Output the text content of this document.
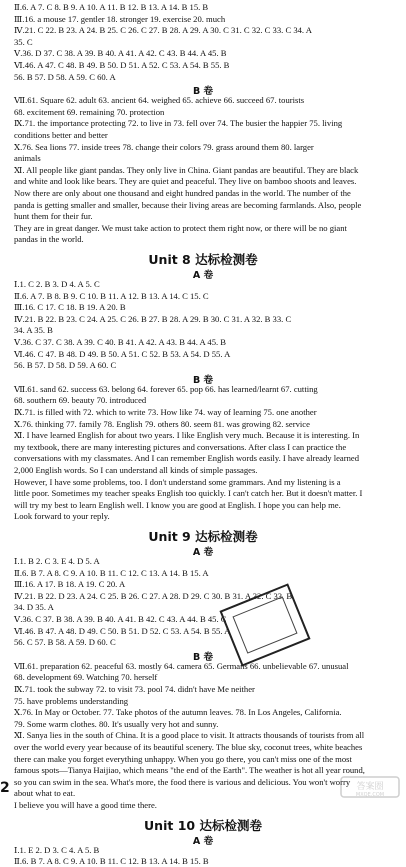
Ⅱ.6. A 7. C 8. B 9. A 10. A 11. B 12. B 13. A 14. B 15. B
Ⅲ.16. a mouse 17. gentler 18. stronger 19. exercise 20. much
Ⅳ.21. C 22. B 23. A 24. B 25. C 26. C 27. B 28. A 29. A 30. C 31. C 32. C 33. C 34. A
35. C
Ⅴ.36. D 37. C 38. A 39. B 40. A 41. A 42. C 43. B 44. A 45. B
Ⅵ.46. A 47. C 48. B 49. B 50. D 51. A 52. C 53. A 54. B 55. B
56. B 57. D 58. A 59. C 60. A
B 卷
Ⅶ.61. Square 62. adult 63. ancient 64. weighed 65. achieve 66. succeed 67. tourists
68. excitement 69. remaining 70. protection
Ⅸ.71. the importance protecting 72. to live in 73. fell over 74. The busier the happier 75. living
conditions better and better
Ⅹ.76. Sea lions 77. inside trees 78. change their colors 79. grass around them 80. larger
animals
Ⅺ. All people like giant pandas. They only live in China. Giant pandas are beautiful. They are black
and white and look like bears. They are quiet and peaceful. They live on bamboo shoots and leaves.
Now there are only about one thousand and eight hundred pandas in the world. The number of the
panda is getting smaller and smaller, because their living areas are becoming farmlands. Also, people
hunt them for their fur.
They are in great danger. We must take action to protect them right now, or there will be no giant
pandas in the world.
Unit 8 达标检测卷
A 卷
Ⅰ.1. C 2. B 3. D 4. A 5. C
Ⅱ.6. A 7. B 8. B 9. C 10. B 11. A 12. B 13. A 14. C 15. C
Ⅲ.16. C 17. C 18. B 19. A 20. B
Ⅳ.21. B 22. B 23. C 24. A 25. C 26. B 27. B 28. A 29. B 30. C 31. A 32. B 33. C
34. A 35. B
Ⅴ.36. C 37. C 38. A 39. C 40. B 41. A 42. A 43. B 44. A 45. B
Ⅵ.46. C 47. B 48. D 49. B 50. A 51. C 52. B 53. A 54. D 55. A
56. B 57. D 58. D 59. A 60. C
B 卷
Ⅶ.61. sand 62. success 63. belong 64. forever 65. pop 66. has learned/learnt 67. cutting
68. southern 69. beauty 70. introduced
Ⅸ.71. is filled with 72. which to write 73. How like 74. way of learning 75. one another
Ⅹ.76. thinking 77. family 78. English 79. others 80. seem 81. was growing 82. service
Ⅺ. I have learned English for about two years. I like English very much. Because it is interesting. In
my textbook, there are many interesting pictures and conversations. After class I can practice the
conversations with my classmates. And I can remember English words easily. I have already learned
2,000 English words. So I can understand all kinds of simple passages.
However, I have some problems, too. I don't understand some grammars. And my listening is a
little poor. Sometimes my teacher speaks English too quickly. I can't catch her. But it doesn't matter. I
will try my best to learn English well. I know you are good at English. I hope you can help me.
Look forward to your reply.
Unit 9 达标检测卷
A 卷
Ⅰ.1. B 2. C 3. E 4. D 5. A
Ⅱ.6. B 7. A 8. C 9. A 10. B 11. C 12. C 13. A 14. B 15. A
Ⅲ.16. A 17. B 18. A 19. C 20. A
Ⅳ.21. B 22. D 23. A 24. C 25. B 26. C 27. A 28. D 29. C 30. B 31. A 32. C 33. B
34. D 35. A
Ⅴ.36. C 37. B 38. A 39. B 40. A 41. B 42. C 43. A 44. B 45. C
Ⅵ.46. B 47. A 48. D 49. C 50. B 51. D 52. C 53. A 54. B 55. A
56. C 57. B 58. A 59. D 60. C
B 卷
Ⅶ.61. preparation 62. peaceful 63. mostly 64. camera 65. Germans 66. unbelievable 67. unusual
68. development 69. Watching 70. herself
Ⅸ.71. took the subway 72. to visit 73. pool 74. didn't have Me neither
75. have problems understanding
Ⅹ.76. In May or October. 77. Take photos of the autumn leaves. 78. In Los Angeles, California.
79. Some warm clothes. 80. It's usually very hot and sunny.
Ⅺ. Sanya lies in the south of China. It is a good place to visit. It attracts thousands of tourists from all
over the world every year because of its beautiful scenery. The blue sky, coconut trees, white beaches
there can make you forget everything unhappy. When you go there, you can't miss one of the most
famous spots—Tianya Haijiao, which means "the end of the Earth". The weather is hot all year round,
so you can swim in the sea. What's more, the food there is various and delicious. You won't worry
about what to eat.
I believe you will have a good time there.
Unit 10 达标检测卷
A 卷
Ⅰ.1. E 2. D 3. C 4. A 5. B
Ⅱ.6. B 7. A 8. C 9. A 10. B 11. C 12. B 13. A 14. B 15. B
2	答案圈
MXQE.COM
